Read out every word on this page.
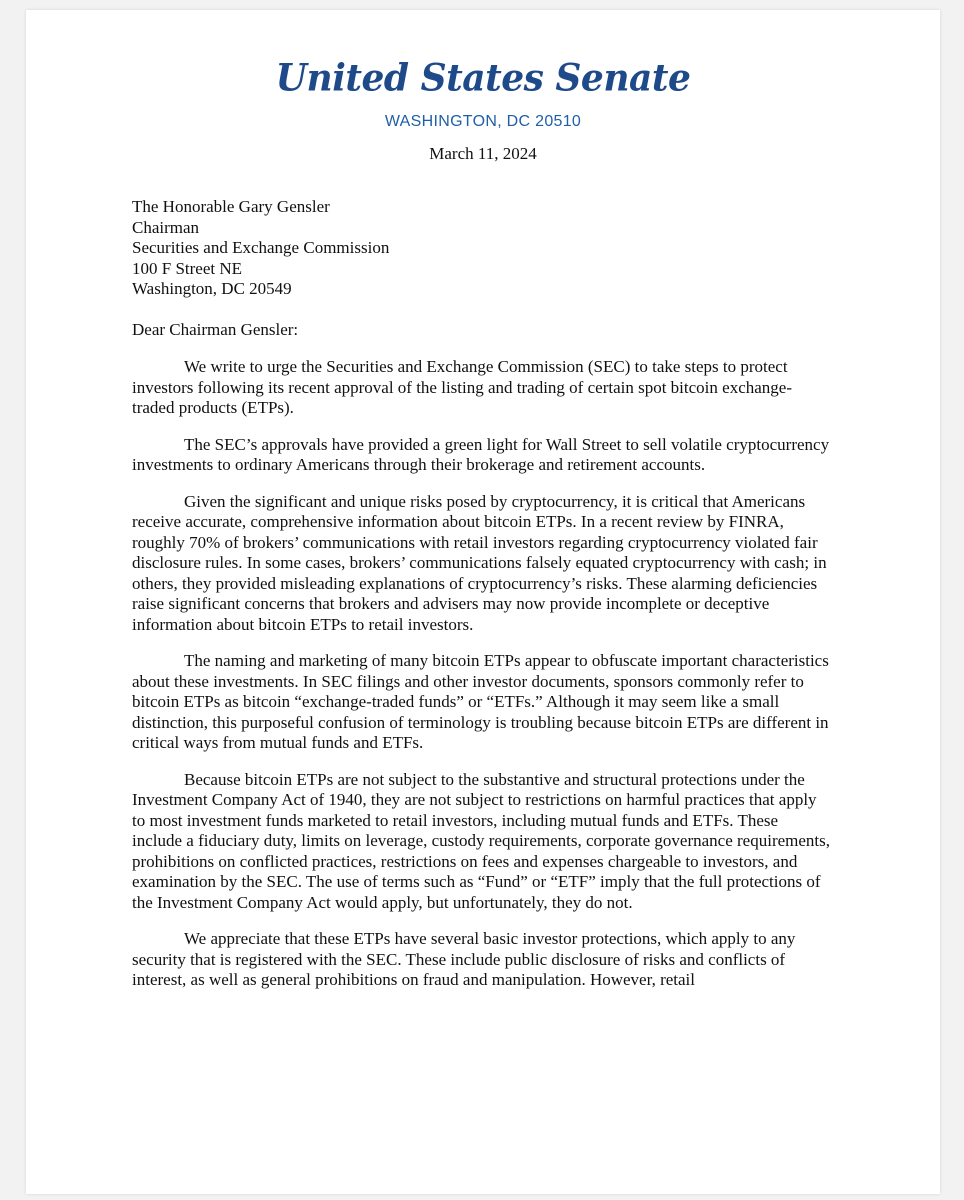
United States Senate
WASHINGTON, DC 20510
March 11, 2024

The Honorable Gary Gensler

Chairman

Securities and Exchange Commission

100 F Street NE

Washington, DC 20549

Dear Chairman Gensler:

We write to urge the Securities and Exchange Commission (SEC) to take steps to protect investors following its recent approval of the listing and trading of certain spot bitcoin exchange-traded products (ETPs).

The SEC’s approvals have provided a green light for Wall Street to sell volatile cryptocurrency investments to ordinary Americans through their brokerage and retirement accounts.

Given the significant and unique risks posed by cryptocurrency, it is critical that Americans receive accurate, comprehensive information about bitcoin ETPs. In a recent review by FINRA, roughly 70% of brokers’ communications with retail investors regarding cryptocurrency violated fair disclosure rules. In some cases, brokers’ communications falsely equated cryptocurrency with cash; in others, they provided misleading explanations of cryptocurrency’s risks. These alarming deficiencies raise significant concerns that brokers and advisers may now provide incomplete or deceptive information about bitcoin ETPs to retail investors.

The naming and marketing of many bitcoin ETPs appear to obfuscate important characteristics about these investments. In SEC filings and other investor documents, sponsors commonly refer to bitcoin ETPs as bitcoin “exchange-traded funds” or “ETFs.” Although it may seem like a small distinction, this purposeful confusion of terminology is troubling because bitcoin ETPs are different in critical ways from mutual funds and ETFs.

Because bitcoin ETPs are not subject to the substantive and structural protections under the Investment Company Act of 1940, they are not subject to restrictions on harmful practices that apply to most investment funds marketed to retail investors, including mutual funds and ETFs. These include a fiduciary duty, limits on leverage, custody requirements, corporate governance requirements, prohibitions on conflicted practices, restrictions on fees and expenses chargeable to investors, and examination by the SEC. The use of terms such as “Fund” or “ETF” imply that the full protections of the Investment Company Act would apply, but unfortunately, they do not.

We appreciate that these ETPs have several basic investor protections, which apply to any security that is registered with the SEC. These include public disclosure of risks and conflicts of interest, as well as general prohibitions on fraud and manipulation. However, retail
